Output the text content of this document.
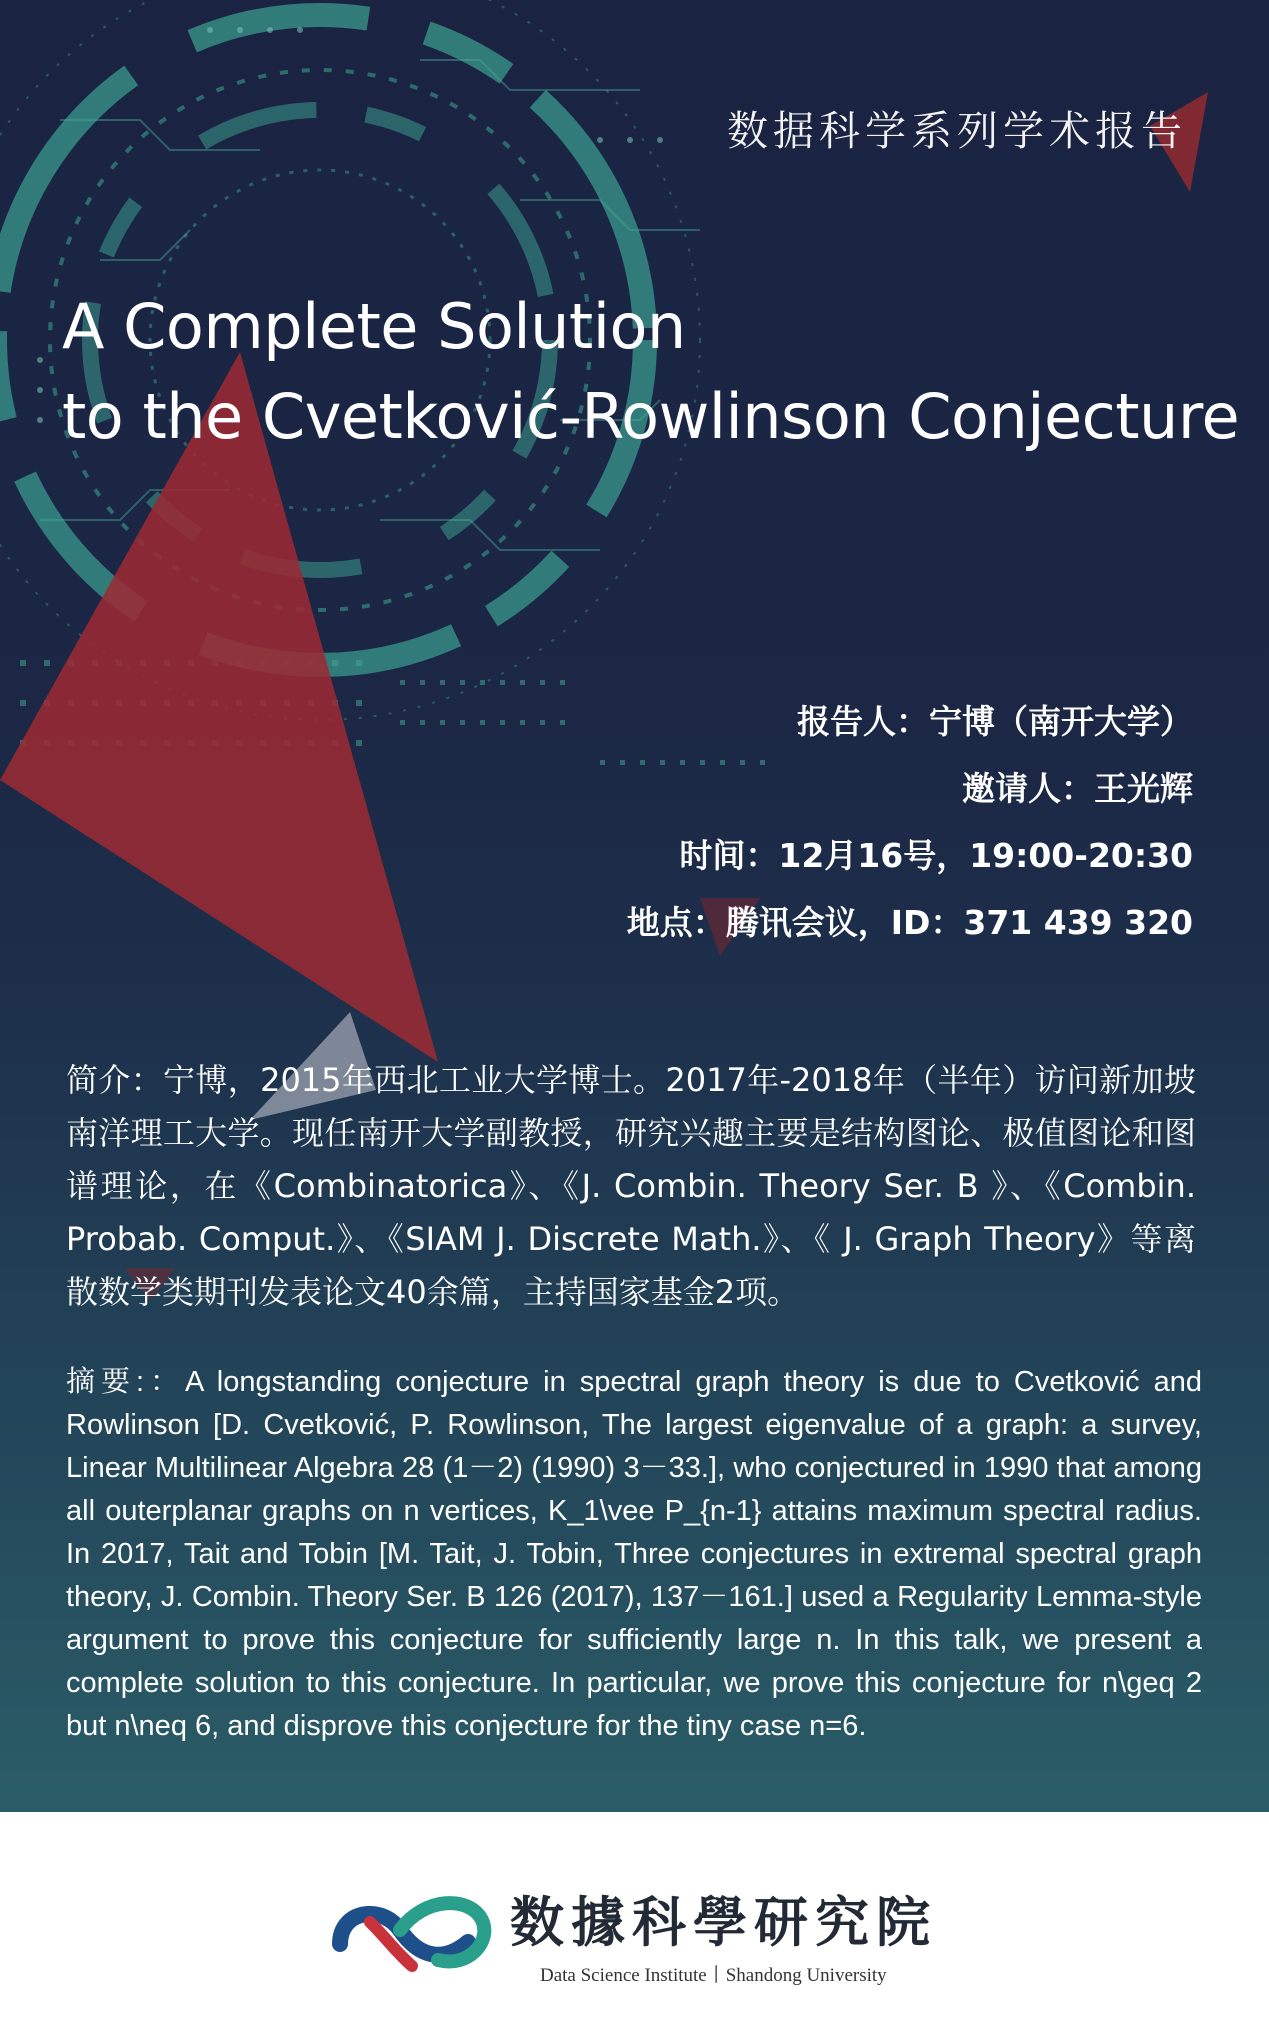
数据科学系列学术报告
A Complete Solution
to the Cvetković-Rowlinson Conjecture
报告人：宁博（南开大学）
邀请人：王光辉
时间：12月16号，19:00-20:30
地点：腾讯会议，ID：371 439 320
简介：宁博，2015年西北工业大学博士。2017年-2018年（半年）访问新加坡南洋理工大学。现任南开大学副教授，研究兴趣主要是结构图论、极值图论和图谱理论，在《Combinatorica》、《J. Combin. Theory Ser. B 》、《Combin. Probab. Comput.》、《SIAM J. Discrete Math.》、《 J. Graph Theory》等离散数学类期刊发表论文40余篇，主持国家基金2项。
摘要:：A longstanding conjecture in spectral graph theory is due to Cvetković and Rowlinson [D. Cvetković, P. Rowlinson, The largest eigenvalue of a graph: a survey, Linear Multilinear Algebra 28 (1－2) (1990) 3－33.], who conjectured in 1990 that among all outerplanar graphs on n vertices, K_1\vee P_{n-1} attains maximum spectral radius. In 2017, Tait and Tobin [M. Tait, J. Tobin, Three conjectures in extremal spectral graph theory, J. Combin. Theory Ser. B 126 (2017), 137－161.] used a Regularity Lemma-style argument to prove this conjecture for sufficiently large n. In this talk, we present a complete solution to this conjecture. In particular, we prove this conjecture for n\geq 2 but n\neq 6, and disprove this conjecture for the tiny case n=6.

数據科學研究院

Data Science Institute丨Shandong University
